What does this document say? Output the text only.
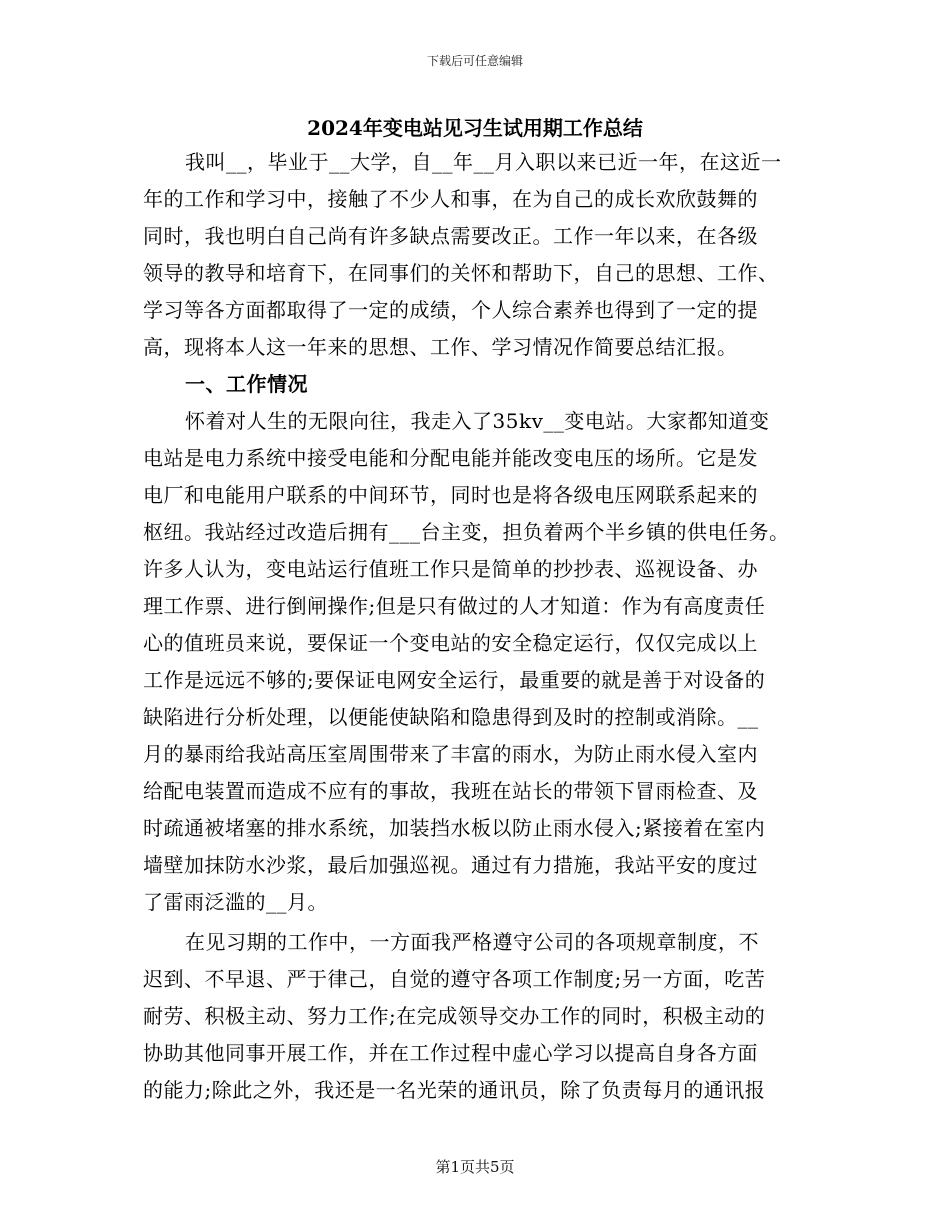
下载后可任意编辑
2024年变电站见习生试用期工作总结
我叫__，毕业于__大学，自__年__月入职以来已近一年，在这近一
年的工作和学习中，接触了不少人和事，在为自己的成长欢欣鼓舞的
同时，我也明白自己尚有许多缺点需要改正。工作一年以来，在各级
领导的教导和培育下，在同事们的关怀和帮助下，自己的思想、工作、
学习等各方面都取得了一定的成绩，个人综合素养也得到了一定的提
高，现将本人这一年来的思想、工作、学习情况作简要总结汇报。
一、工作情况
怀着对人生的无限向往，我走入了35kv__变电站。大家都知道变
电站是电力系统中接受电能和分配电能并能改变电压的场所。它是发
电厂和电能用户联系的中间环节，同时也是将各级电压网联系起来的
枢纽。我站经过改造后拥有___台主变，担负着两个半乡镇的供电任务。
许多人认为，变电站运行值班工作只是简单的抄抄表、巡视设备、办
理工作票、进行倒闸操作;但是只有做过的人才知道：作为有高度责任
心的值班员来说，要保证一个变电站的安全稳定运行，仅仅完成以上
工作是远远不够的;要保证电网安全运行，最重要的就是善于对设备的
缺陷进行分析处理，以便能使缺陷和隐患得到及时的控制或消除。__
月的暴雨给我站高压室周围带来了丰富的雨水，为防止雨水侵入室内
给配电装置而造成不应有的事故，我班在站长的带领下冒雨检查、及
时疏通被堵塞的排水系统，加装挡水板以防止雨水侵入;紧接着在室内
墙壁加抹防水沙浆，最后加强巡视。通过有力措施，我站平安的度过
了雷雨泛滥的__月。
在见习期的工作中，一方面我严格遵守公司的各项规章制度，不
迟到、不早退、严于律己，自觉的遵守各项工作制度;另一方面，吃苦
耐劳、积极主动、努力工作;在完成领导交办工作的同时，积极主动的
协助其他同事开展工作，并在工作过程中虚心学习以提高自身各方面
的能力;除此之外，我还是一名光荣的通讯员，除了负责每月的通讯报
第1页共5页
